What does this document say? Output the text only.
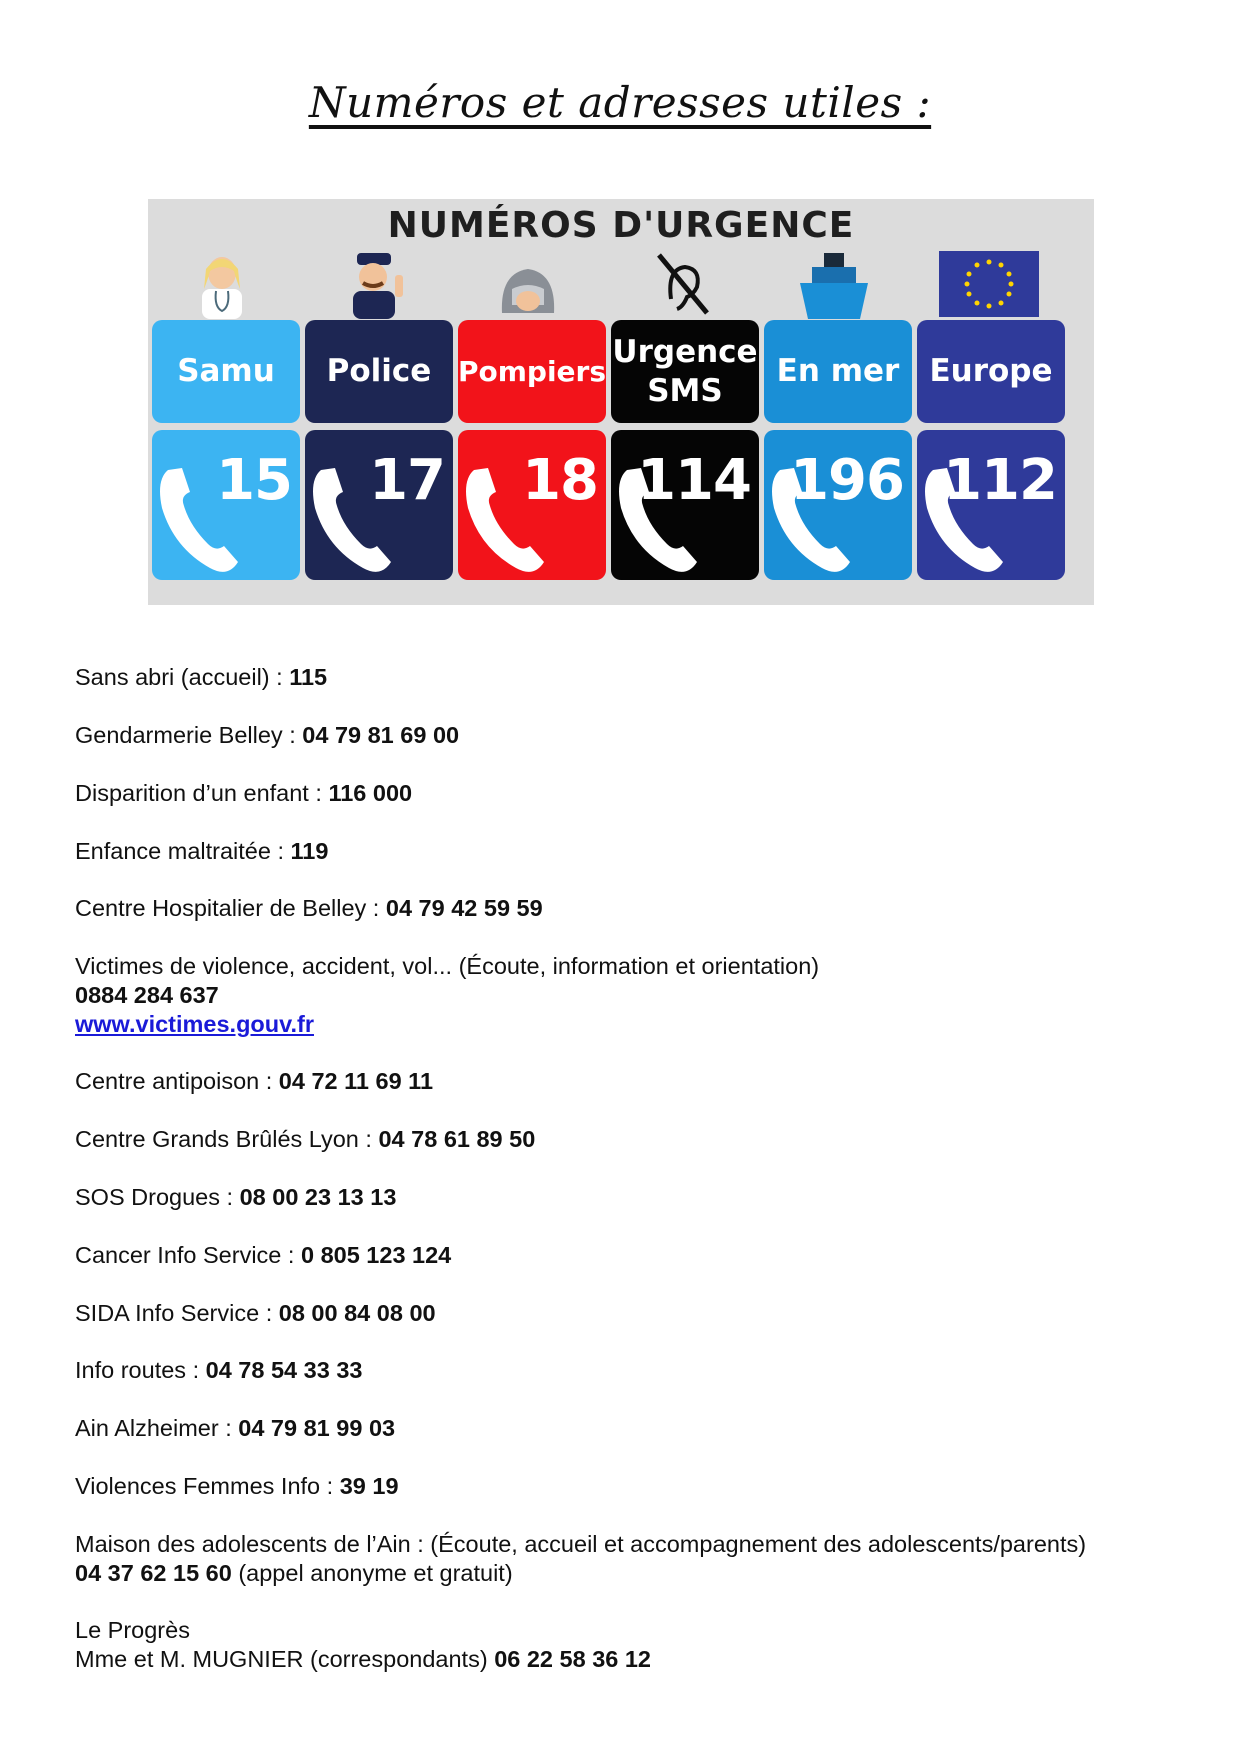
Numéros et adresses utiles :
NUMÉROS D'URGENCE
Samu
15
Police
17
Pompiers
18
Urgence
SMS
114
En mer
196
Europe
112
Sans abri (accueil) : 115
Gendarmerie Belley : 04 79 81 69 00
Disparition d’un enfant : 116 000
Enfance maltraitée : 119
Centre Hospitalier de Belley : 04 79 42 59 59
Victimes de violence, accident, vol... (Écoute, information et orientation)
0884 284 637
www.victimes.gouv.fr
Centre antipoison : 04 72 11 69 11
Centre Grands Brûlés Lyon : 04 78 61 89 50
SOS Drogues : 08 00 23 13 13
Cancer Info Service : 0 805 123 124
SIDA Info Service : 08 00 84 08 00
Info routes : 04 78 54 33 33
Ain Alzheimer : 04 79 81 99 03
Violences Femmes Info : 39 19
Maison des adolescents de l’Ain : (Écoute, accueil et accompagnement des adolescents/parents)
04 37 62 15 60 (appel anonyme et gratuit)
Le Progrès
Mme et M. MUGNIER (correspondants) 06 22 58 36 12
